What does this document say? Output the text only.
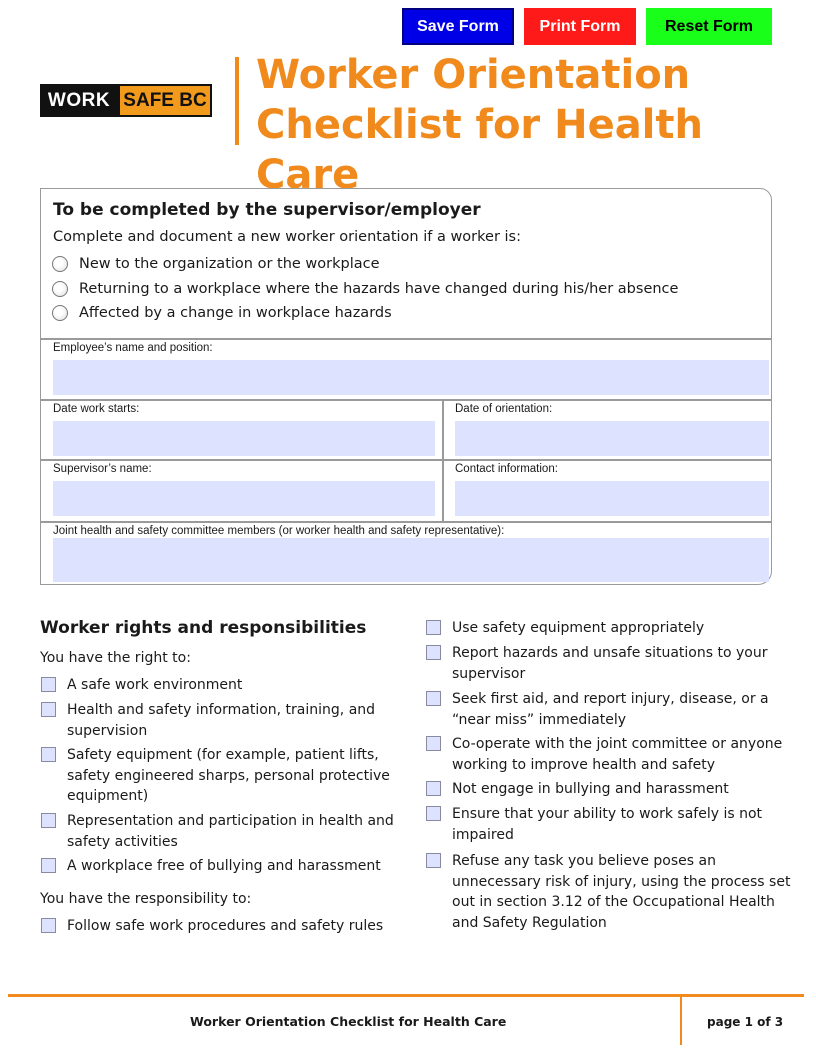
Save Form	Print Form	Reset Form
WORK SAFE BC
Worker Orientation
Checklist for Health Care
To be completed by the supervisor/employer
Complete and document a new worker orientation if a worker is:
New to the organization or the workplace
Returning to a workplace where the hazards have changed during his/her absence
Affected by a change in workplace hazards
Employee’s name and position:
Date work starts:	Date of orientation:
Supervisor’s name:	Contact information:
Joint health and safety committee members (or worker health and safety representative):
Worker rights and responsibilities
You have the right to:
A safe work environment
Health and safety information, training, and
supervision
Safety equipment (for example, patient lifts,
safety engineered sharps, personal protective
equipment)
Representation and participation in health and
safety activities
A workplace free of bullying and harassment
You have the responsibility to:
Follow safe work procedures and safety rules
Use safety equipment appropriately
Report hazards and unsafe situations to your
supervisor
Seek first aid, and report injury, disease, or a
“near miss” immediately
Co-operate with the joint committee or anyone
working to improve health and safety
Not engage in bullying and harassment
Ensure that your ability to work safely is not
impaired
Refuse any task you believe poses an
unnecessary risk of injury, using the process set
out in section 3.12 of the Occupational Health
and Safety Regulation
Worker Orientation Checklist for Health Care	page 1 of 3
